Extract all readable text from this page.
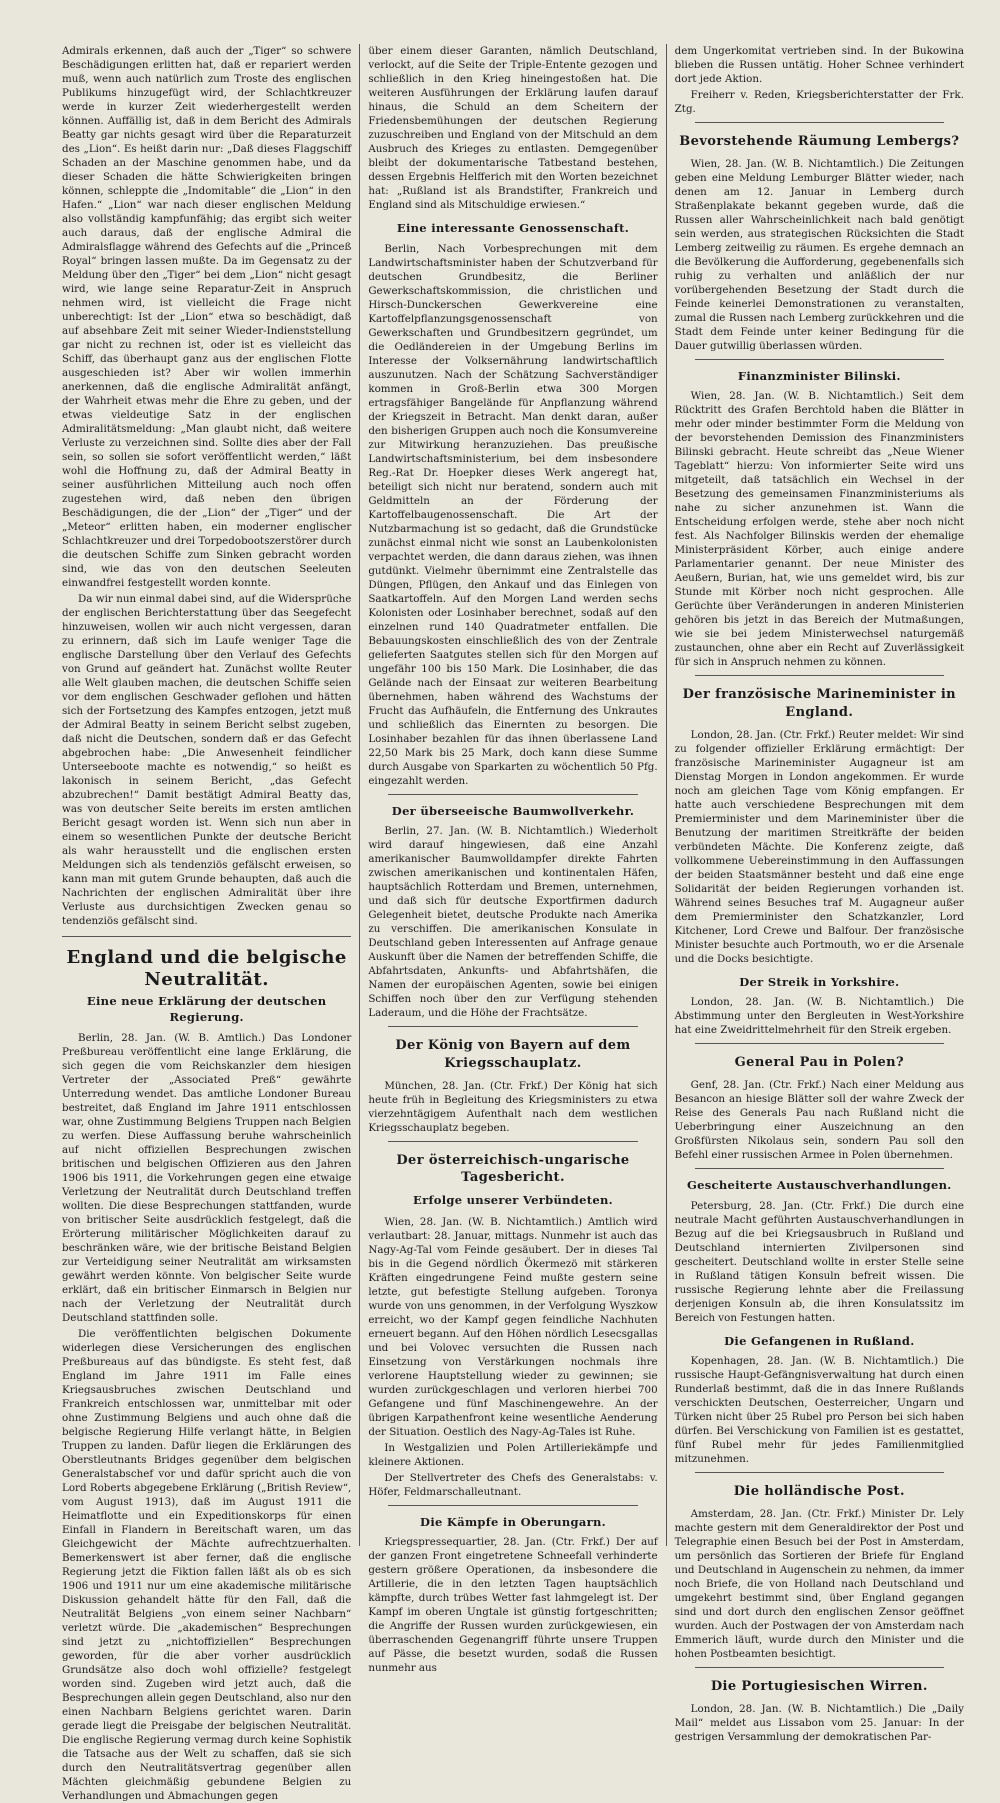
Admirals erkennen, daß auch der „Tiger“ so schwere Beschädigungen erlitten hat, daß er repariert werden muß, wenn auch natürlich zum Troste des englischen Publikums hinzugefügt wird, der Schlachtkreuzer werde in kurzer Zeit wiederhergestellt werden können. Auffällig ist, daß in dem Bericht des Admirals Beatty gar nichts gesagt wird über die Reparaturzeit des „Lion“. Es heißt darin nur: „Daß dieses Flaggschiff Schaden an der Maschine genommen habe, und da dieser Schaden die hätte Schwierigkeiten bringen können, schleppte die „Indomitable“ die „Lion“ in den Hafen.“ „Lion“ war nach dieser englischen Meldung also vollständig kampfunfähig; das ergibt sich weiter auch daraus, daß der englische Admiral die Admiralsflagge während des Gefechts auf die „Princeß Royal“ bringen lassen mußte. Da im Gegensatz zu der Meldung über den „Tiger“ bei dem „Lion“ nicht gesagt wird, wie lange seine Reparatur-Zeit in Anspruch nehmen wird, ist vielleicht die Frage nicht unberechtigt: Ist der „Lion“ etwa so beschädigt, daß auf absehbare Zeit mit seiner Wieder-Indienststellung gar nicht zu rechnen ist, oder ist es vielleicht das Schiff, das überhaupt ganz aus der englischen Flotte ausgeschieden ist? Aber wir wollen immerhin anerkennen, daß die englische Admiralität anfängt, der Wahrheit etwas mehr die Ehre zu geben, und der etwas vieldeutige Satz in der englischen Admiralitätsmeldung: „Man glaubt nicht, daß weitere Verluste zu verzeichnen sind. Sollte dies aber der Fall sein, so sollen sie sofort veröffentlicht werden,“ läßt wohl die Hoffnung zu, daß der Admiral Beatty in seiner ausführlichen Mitteilung auch noch offen zugestehen wird, daß neben den übrigen Beschädigungen, die der „Lion“ der „Tiger“ und der „Meteor“ erlitten haben, ein moderner englischer Schlachtkreuzer und drei Torpedobootszerstörer durch die deutschen Schiffe zum Sinken gebracht worden sind, wie das von den deutschen Seeleuten einwandfrei festgestellt worden konnte.

Da wir nun einmal dabei sind, auf die Widersprüche der englischen Berichterstattung über das Seegefecht hinzuweisen, wollen wir auch nicht vergessen, daran zu erinnern, daß sich im Laufe weniger Tage die englische Darstellung über den Verlauf des Gefechts von Grund auf geändert hat. Zunächst wollte Reuter alle Welt glauben machen, die deutschen Schiffe seien vor dem englischen Geschwader geflohen und hätten sich der Fortsetzung des Kampfes entzogen, jetzt muß der Admiral Beatty in seinem Bericht selbst zugeben, daß nicht die Deutschen, sondern daß er das Gefecht abgebrochen habe: „Die Anwesenheit feindlicher Unterseeboote machte es notwendig,“ so heißt es lakonisch in seinem Bericht, „das Gefecht abzubrechen!“ Damit bestätigt Admiral Beatty das, was von deutscher Seite bereits im ersten amtlichen Bericht gesagt worden ist. Wenn sich nun aber in einem so wesentlichen Punkte der deutsche Bericht als wahr herausstellt und die englischen ersten Meldungen sich als tendenziös gefälscht erweisen, so kann man mit gutem Grunde behaupten, daß auch die Nachrichten der englischen Admiralität über ihre Verluste aus durchsichtigen Zwecken genau so tendenziös gefälscht sind.

England und die belgische Neutralität.
Eine neue Erklärung der deutschen Regierung.

Berlin, 28. Jan. (W. B. Amtlich.) Das Londoner Preßbureau veröffentlicht eine lange Erklärung, die sich gegen die vom Reichskanzler dem hiesigen Vertreter der „Associated Preß“ gewährte Unterredung wendet. Das amtliche Londoner Bureau bestreitet, daß England im Jahre 1911 entschlossen war, ohne Zustimmung Belgiens Truppen nach Belgien zu werfen. Diese Auffassung beruhe wahrscheinlich auf nicht offiziellen Besprechungen zwischen britischen und belgischen Offizieren aus den Jahren 1906 bis 1911, die Vorkehrungen gegen eine etwaige Verletzung der Neutralität durch Deutschland treffen wollten. Die diese Besprechungen stattfanden, wurde von britischer Seite ausdrücklich festgelegt, daß die Erörterung militärischer Möglichkeiten darauf zu beschränken wäre, wie der britische Beistand Belgien zur Verteidigung seiner Neutralität am wirksamsten gewährt werden könnte. Von belgischer Seite wurde erklärt, daß ein britischer Einmarsch in Belgien nur nach der Verletzung der Neutralität durch Deutschland stattfinden solle.

Die veröffentlichten belgischen Dokumente widerlegen diese Versicherungen des englischen Preßbureaus auf das bündigste. Es steht fest, daß England im Jahre 1911 im Falle eines Kriegsausbruches zwischen Deutschland und Frankreich entschlossen war, unmittelbar mit oder ohne Zustimmung Belgiens und auch ohne daß die belgische Regierung Hilfe verlangt hätte, in Belgien Truppen zu landen. Dafür liegen die Erklärungen des Oberstleutnants Bridges gegenüber dem belgischen Generalstabschef vor und dafür spricht auch die von Lord Roberts abgegebene Erklärung („British Review“, vom August 1913), daß im August 1911 die Heimatflotte und ein Expeditionskorps für einen Einfall in Flandern in Bereitschaft waren, um das Gleichgewicht der Mächte aufrechtzuerhalten. Bemerkenswert ist aber ferner, daß die englische Regierung jetzt die Fiktion fallen läßt als ob es sich 1906 und 1911 nur um eine akademische militärische Diskussion gehandelt hätte für den Fall, daß die Neutralität Belgiens „von einem seiner Nachbarn“ verletzt würde. Die „akademischen“ Besprechungen sind jetzt zu „nichtoffiziellen“ Besprechungen geworden, für die aber vorher ausdrücklich Grundsätze also doch wohl offizielle? festgelegt worden sind. Zugeben wird jetzt auch, daß die Besprechungen allein gegen Deutschland, also nur den einen Nachbarn Belgiens gerichtet waren. Darin gerade liegt die Preisgabe der belgischen Neutralität. Die englische Regierung vermag durch keine Sophistik die Tatsache aus der Welt zu schaffen, daß sie sich durch den Neutralitätsvertrag gegenüber allen Mächten gleichmäßig gebundene Belgien zu Verhandlungen und Abmachungen gegen

über einem dieser Garanten, nämlich Deutschland, verlockt, auf die Seite der Triple-Entente gezogen und schließlich in den Krieg hineingestoßen hat. Die weiteren Ausführungen der Erklärung laufen darauf hinaus, die Schuld an dem Scheitern der Friedensbemühungen der deutschen Regierung zuzuschreiben und England von der Mitschuld an dem Ausbruch des Krieges zu entlasten. Demgegenüber bleibt der dokumentarische Tatbestand bestehen, dessen Ergebnis Helfferich mit den Worten bezeichnet hat: „Rußland ist als Brandstifter, Frankreich und England sind als Mitschuldige erwiesen.“

Eine interessante Genossenschaft.

Berlin, Nach Vorbesprechungen mit dem Landwirtschaftsminister haben der Schutzverband für deutschen Grundbesitz, die Berliner Gewerkschaftskommission, die christlichen und Hirsch-Dunckerschen Gewerkvereine eine Kartoffelpflanzungsgenossenschaft von Gewerkschaften und Grundbesitzern gegründet, um die Oedländereien in der Umgebung Berlins im Interesse der Volksernährung landwirtschaftlich auszunutzen. Nach der Schätzung Sachverständiger kommen in Groß-Berlin etwa 300 Morgen ertragsfähiger Bangelände für Anpflanzung während der Kriegszeit in Betracht. Man denkt daran, außer den bisherigen Gruppen auch noch die Konsumvereine zur Mitwirkung heranzuziehen. Das preußische Landwirtschaftsministerium, bei dem insbesondere Reg.-Rat Dr. Hoepker dieses Werk angeregt hat, beteiligt sich nicht nur beratend, sondern auch mit Geldmitteln an der Förderung der Kartoffelbaugenossenschaft. Die Art der Nutzbarmachung ist so gedacht, daß die Grundstücke zunächst einmal nicht wie sonst an Laubenkolonisten verpachtet werden, die dann daraus ziehen, was ihnen gutdünkt. Vielmehr übernimmt eine Zentralstelle das Düngen, Pflügen, den Ankauf und das Einlegen von Saatkartoffeln. Auf den Morgen Land werden sechs Kolonisten oder Losinhaber berechnet, sodaß auf den einzelnen rund 140 Quadratmeter entfallen. Die Bebauungskosten einschließlich des von der Zentrale gelieferten Saatgutes stellen sich für den Morgen auf ungefähr 100 bis 150 Mark. Die Losinhaber, die das Gelände nach der Einsaat zur weiteren Bearbeitung übernehmen, haben während des Wachstums der Frucht das Aufhäufeln, die Entfernung des Unkrautes und schließlich das Einernten zu besorgen. Die Losinhaber bezahlen für das ihnen überlassene Land 22,50 Mark bis 25 Mark, doch kann diese Summe durch Ausgabe von Sparkarten zu wöchentlich 50 Pfg. eingezahlt werden.

Der überseeische Baumwollverkehr.

Berlin, 27. Jan. (W. B. Nichtamtlich.) Wiederholt wird darauf hingewiesen, daß eine Anzahl amerikanischer Baumwolldampfer direkte Fahrten zwischen amerikanischen und kontinentalen Häfen, hauptsächlich Rotterdam und Bremen, unternehmen, und daß sich für deutsche Exportfirmen dadurch Gelegenheit bietet, deutsche Produkte nach Amerika zu verschiffen. Die amerikanischen Konsulate in Deutschland geben Interessenten auf Anfrage genaue Auskunft über die Namen der betreffenden Schiffe, die Abfahrtsdaten, Ankunfts- und Abfahrtshäfen, die Namen der europäischen Agenten, sowie bei einigen Schiffen noch über den zur Verfügung stehenden Laderaum, und die Höhe der Frachtsätze.

Der König von Bayern auf dem Kriegsschauplatz.

München, 28. Jan. (Ctr. Frkf.) Der König hat sich heute früh in Begleitung des Kriegsministers zu etwa vierzehntägigem Aufenthalt nach dem westlichen Kriegsschauplatz begeben.

Der österreichisch-ungarische Tagesbericht.
Erfolge unserer Verbündeten.

Wien, 28. Jan. (W. B. Nichtamtlich.) Amtlich wird verlautbart: 28. Januar, mittags. Nunmehr ist auch das Nagy-Ag-Tal vom Feinde gesäubert. Der in dieses Tal bis in die Gegend nördlich Ökermezö mit stärkeren Kräften eingedrungene Feind mußte gestern seine letzte, gut befestigte Stellung aufgeben. Toronya wurde von uns genommen, in der Verfolgung Wyszkow erreicht, wo der Kampf gegen feindliche Nachhuten erneuert begann. Auf den Höhen nördlich Lesecsgallas und bei Volovec versuchten die Russen nach Einsetzung von Verstärkungen nochmals ihre verlorene Hauptstellung wieder zu gewinnen; sie wurden zurückgeschlagen und verloren hierbei 700 Gefangene und fünf Maschinengewehre. An der übrigen Karpathenfront keine wesentliche Aenderung der Situation. Oestlich des Nagy-Ag-Tales ist Ruhe.

In Westgalizien und Polen Artilleriekämpfe und kleinere Aktionen.

Der Stellvertreter des Chefs des Generalstabs: v. Höfer, Feldmarschalleutnant.

Die Kämpfe in Oberungarn.

Kriegspressequartier, 28. Jan. (Ctr. Frkf.) Der auf der ganzen Front eingetretene Schneefall verhinderte gestern größere Operationen, da insbesondere die Artillerie, die in den letzten Tagen hauptsächlich kämpfte, durch trübes Wetter fast lahmgelegt ist. Der Kampf im oberen Ungtale ist günstig fortgeschritten; die Angriffe der Russen wurden zurückgewiesen, ein überraschenden Gegenangriff führte unsere Truppen auf Pässe, die besetzt wurden, sodaß die Russen nunmehr aus

dem Ungerkomitat vertrieben sind. In der Bukowina blieben die Russen untätig. Hoher Schnee verhindert dort jede Aktion.

Freiherr v. Reden, Kriegsberichterstatter der Frk. Ztg.

Bevorstehende Räumung Lembergs?

Wien, 28. Jan. (W. B. Nichtamtlich.) Die Zeitungen geben eine Meldung Lemburger Blätter wieder, nach denen am 12. Januar in Lemberg durch Straßenplakate bekannt gegeben wurde, daß die Russen aller Wahrscheinlichkeit nach bald genötigt sein werden, aus strategischen Rücksichten die Stadt Lemberg zeitweilig zu räumen. Es ergehe demnach an die Bevölkerung die Aufforderung, gegebenenfalls sich ruhig zu verhalten und anläßlich der nur vorübergehenden Besetzung der Stadt durch die Feinde keinerlei Demonstrationen zu veranstalten, zumal die Russen nach Lemberg zurückkehren und die Stadt dem Feinde unter keiner Bedingung für die Dauer gutwillig überlassen würden.

Finanzminister Bilinski.

Wien, 28. Jan. (W. B. Nichtamtlich.) Seit dem Rücktritt des Grafen Berchtold haben die Blätter in mehr oder minder bestimmter Form die Meldung von der bevorstehenden Demission des Finanzministers Bilinski gebracht. Heute schreibt das „Neue Wiener Tageblatt“ hierzu: Von informierter Seite wird uns mitgeteilt, daß tatsächlich ein Wechsel in der Besetzung des gemeinsamen Finanzministeriums als nahe zu sicher anzunehmen ist. Wann die Entscheidung erfolgen werde, stehe aber noch nicht fest. Als Nachfolger Bilinskis werden der ehemalige Ministerpräsident Körber, auch einige andere Parlamentarier genannt. Der neue Minister des Aeußern, Burian, hat, wie uns gemeldet wird, bis zur Stunde mit Körber noch nicht gesprochen. Alle Gerüchte über Veränderungen in anderen Ministerien gehören bis jetzt in das Bereich der Mutmaßungen, wie sie bei jedem Ministerwechsel naturgemäß zustaunchen, ohne aber ein Recht auf Zuverlässigkeit für sich in Anspruch nehmen zu können.

Der französische Marineminister in England.

London, 28. Jan. (Ctr. Frkf.) Reuter meldet: Wir sind zu folgender offizieller Erklärung ermächtigt: Der französische Marineminister Augagneur ist am Dienstag Morgen in London angekommen. Er wurde noch am gleichen Tage vom König empfangen. Er hatte auch verschiedene Besprechungen mit dem Premierminister und dem Marineminister über die Benutzung der maritimen Streitkräfte der beiden verbündeten Mächte. Die Konferenz zeigte, daß vollkommene Uebereinstimmung in den Auffassungen der beiden Staatsmänner besteht und daß eine enge Solidarität der beiden Regierungen vorhanden ist. Während seines Besuches traf M. Augagneur außer dem Premierminister den Schatzkanzler, Lord Kitchener, Lord Crewe und Balfour. Der französische Minister besuchte auch Portmouth, wo er die Arsenale und die Docks besichtigte.

Der Streik in Yorkshire.

London, 28. Jan. (W. B. Nichtamtlich.) Die Abstimmung unter den Bergleuten in West-Yorkshire hat eine Zweidrittelmehrheit für den Streik ergeben.

General Pau in Polen?

Genf, 28. Jan. (Ctr. Frkf.) Nach einer Meldung aus Besancon an hiesige Blätter soll der wahre Zweck der Reise des Generals Pau nach Rußland nicht die Ueberbringung einer Auszeichnung an den Großfürsten Nikolaus sein, sondern Pau soll den Befehl einer russischen Armee in Polen übernehmen.

Gescheiterte Austauschverhandlungen.

Petersburg, 28. Jan. (Ctr. Frkf.) Die durch eine neutrale Macht geführten Austauschverhandlungen in Bezug auf die bei Kriegsausbruch in Rußland und Deutschland internierten Zivilpersonen sind gescheitert. Deutschland wollte in erster Stelle seine in Rußland tätigen Konsuln befreit wissen. Die russische Regierung lehnte aber die Freilassung derjenigen Konsuln ab, die ihren Konsulatssitz im Bereich von Festungen hatten.

Die Gefangenen in Rußland.

Kopenhagen, 28. Jan. (W. B. Nichtamtlich.) Die russische Haupt-Gefängnisverwaltung hat durch einen Runderlaß bestimmt, daß die in das Innere Rußlands verschickten Deutschen, Oesterreicher, Ungarn und Türken nicht über 25 Rubel pro Person bei sich haben dürfen. Bei Verschickung von Familien ist es gestattet, fünf Rubel mehr für jedes Familienmitglied mitzunehmen.

Die holländische Post.

Amsterdam, 28. Jan. (Ctr. Frkf.) Minister Dr. Lely machte gestern mit dem Generaldirektor der Post und Telegraphie einen Besuch bei der Post in Amsterdam, um persönlich das Sortieren der Briefe für England und Deutschland in Augenschein zu nehmen, da immer noch Briefe, die von Holland nach Deutschland und umgekehrt bestimmt sind, über England gegangen sind und dort durch den englischen Zensor geöffnet wurden. Auch der Postwagen der von Amsterdam nach Emmerich läuft, wurde durch den Minister und die hohen Postbeamten besichtigt.

Die Portugiesischen Wirren.

London, 28. Jan. (W. B. Nichtamtlich.) Die „Daily Mail“ meldet aus Lissabon vom 25. Januar: In der gestrigen Versammlung der demokratischen Par-
